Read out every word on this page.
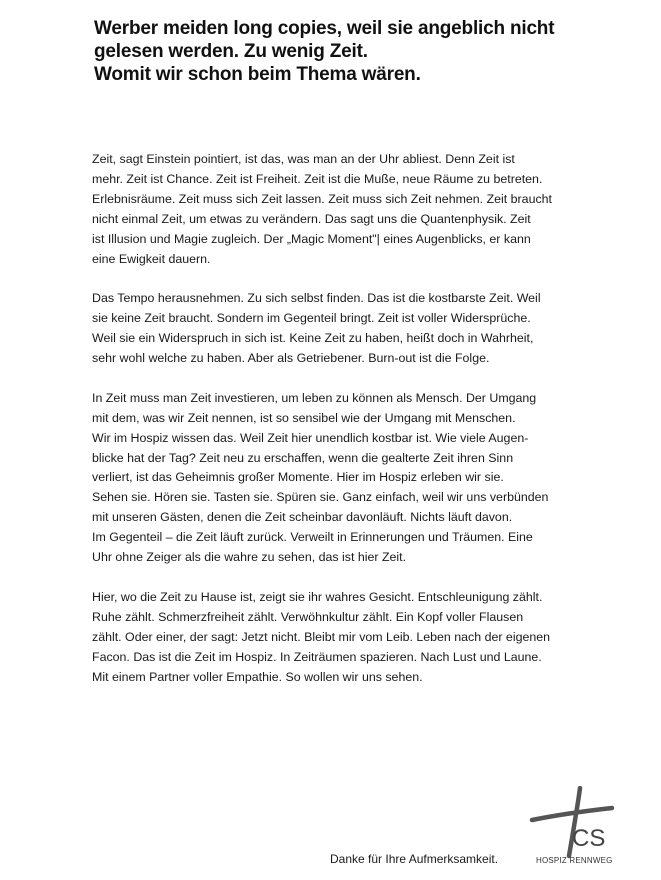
Werber meiden long copies, weil sie angeblich nicht
gelesen werden. Zu wenig Zeit.
Womit wir schon beim Thema wären.
Zeit, sagt Einstein pointiert, ist das, was man an der Uhr abliest. Denn Zeit ist
mehr. Zeit ist Chance. Zeit ist Freiheit. Zeit ist die Muße, neue Räume zu betreten.
Erlebnisräume. Zeit muss sich Zeit lassen. Zeit muss sich Zeit nehmen. Zeit braucht
nicht einmal Zeit, um etwas zu verändern. Das sagt uns die Quantenphysik. Zeit
ist Illusion und Magie zugleich. Der „Magic Moment"| eines Augenblicks, er kann
eine Ewigkeit dauern.
Das Tempo herausnehmen. Zu sich selbst finden. Das ist die kostbarste Zeit. Weil
sie keine Zeit braucht. Sondern im Gegenteil bringt. Zeit ist voller Widersprüche.
Weil sie ein Widerspruch in sich ist. Keine Zeit zu haben, heißt doch in Wahrheit,
sehr wohl welche zu haben. Aber als Getriebener. Burn-out ist die Folge.
In Zeit muss man Zeit investieren, um leben zu können als Mensch. Der Umgang
mit dem, was wir Zeit nennen, ist so sensibel wie der Umgang mit Menschen.
Wir im Hospiz wissen das. Weil Zeit hier unendlich kostbar ist. Wie viele Augen-
blicke hat der Tag? Zeit neu zu erschaffen, wenn die gealterte Zeit ihren Sinn
verliert, ist das Geheimnis großer Momente. Hier im Hospiz erleben wir sie.
Sehen sie. Hören sie. Tasten sie. Spüren sie. Ganz einfach, weil wir uns verbünden
mit unseren Gästen, denen die Zeit scheinbar davonläuft. Nichts läuft davon.
Im Gegenteil – die Zeit läuft zurück. Verweilt in Erinnerungen und Träumen. Eine
Uhr ohne Zeiger als die wahre zu sehen, das ist hier Zeit.
Hier, wo die Zeit zu Hause ist, zeigt sie ihr wahres Gesicht. Entschleunigung zählt.
Ruhe zählt. Schmerzfreiheit zählt. Verwöhnkultur zählt. Ein Kopf voller Flausen
zählt. Oder einer, der sagt: Jetzt nicht. Bleibt mir vom Leib. Leben nach der eigenen
Facon. Das ist die Zeit im Hospiz. In Zeiträumen spazieren. Nach Lust und Laune.
Mit einem Partner voller Empathie. So wollen wir uns sehen.
Danke für Ihre Aufmerksamkeit.
CS
HOSPIZ RENNWEG
